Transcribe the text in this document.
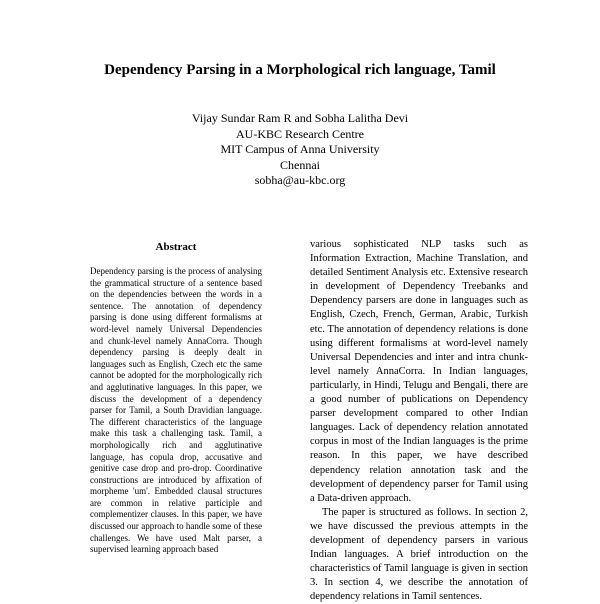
Dependency Parsing in a Morphological rich language, Tamil
Vijay Sundar Ram R and Sobha Lalitha Devi
AU-KBC Research Centre
MIT Campus of Anna University
Chennai
sobha@au-kbc.org
Abstract

Dependency parsing is the process of analysing the grammatical structure of a sentence based on the dependencies between the words in a sentence. The annotation of dependency parsing is done using different formalisms at word-level namely Universal Dependencies and chunk-level namely AnnaCorra. Though dependency parsing is deeply dealt in languages such as English, Czech etc the same cannot be adopted for the morphologically rich and agglutinative languages. In this paper, we discuss the development of a dependency parser for Tamil, a South Dravidian language. The different characteristics of the language make this task a challenging task. Tamil, a morphologically rich and agglutinative language, has copula drop, accusative and genitive case drop and pro-drop. Coordinative constructions are introduced by affixation of morpheme 'um'. Embedded clausal structures are common in relative participle and complementizer clauses. In this paper, we have discussed our approach to handle some of these challenges. We have used Malt parser, a supervised learning approach based

various sophisticated NLP tasks such as Information Extraction, Machine Translation, and detailed Sentiment Analysis etc. Extensive research in development of Dependency Treebanks and Dependency parsers are done in languages such as English, Czech, French, German, Arabic, Turkish etc. The annotation of dependency relations is done using different formalisms at word-level namely Universal Dependencies and inter and intra chunk-level namely AnnaCorra. In Indian languages, particularly, in Hindi, Telugu and Bengali, there are a good number of publications on Dependency parser development compared to other Indian languages. Lack of dependency relation annotated corpus in most of the Indian languages is the prime reason. In this paper, we have described dependency relation annotation task and the development of dependency parser for Tamil using a Data-driven approach.

The paper is structured as follows. In section 2, we have discussed the previous attempts in the development of dependency parsers in various Indian languages. A brief introduction on the characteristics of Tamil language is given in section 3. In section 4, we describe the annotation of dependency relations in Tamil sentences.
